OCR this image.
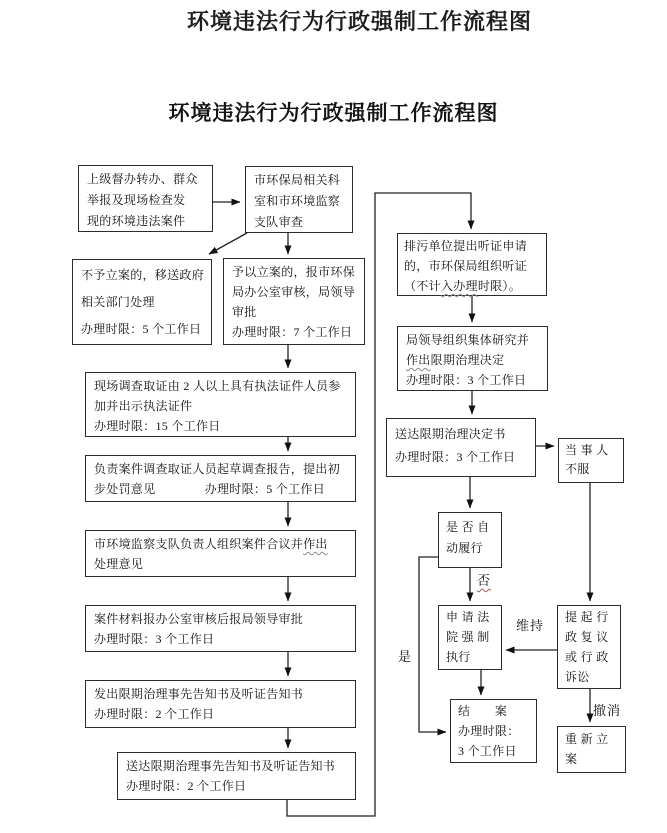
环境违法行为行政强制工作流程图
环境违法行为行政强制工作流程图
上级督办转办、群众
举报及现场检查发
现的环境违法案件
市环保局相关科
室和市环境监察
支队审查
不予立案的，移送政府
相关部门处理
办理时限：5 个工作日
予以立案的，报市环保
局办公室审核，局领导
审批
办理时限：7 个工作日
现场调查取证由 2 人以上具有执法证件人员参
加并出示执法证件
办理时限：15 个工作日
负责案件调查取证人员起草调查报告，提出初
步处罚意见　　　　办理时限：5 个工作日
市环境监察支队负责人组织案件合议并作出
处理意见
案件材料报办公室审核后报局领导审批
办理时限：3 个工作日
发出限期治理事先告知书及听证告知书
办理时限：2 个工作日
送达限期治理事先告知书及听证告知书
办理时限：2 个工作日
排污单位提出听证申请
的，市环保局组织听证
（不计入办理时限）。
局领导组织集体研究并
作出限期治理决定
办理时限：3 个工作日
送达限期治理决定书
办理时限：3 个工作日	当 事 人
不服
是 否 自
动履行
申 请 法
院 强 制
执行
提 起 行
政 复 议
或 行 政
诉讼
结　　案
办理时限：
3 个工作日
重 新 立
案
否
是
维持
撤消
